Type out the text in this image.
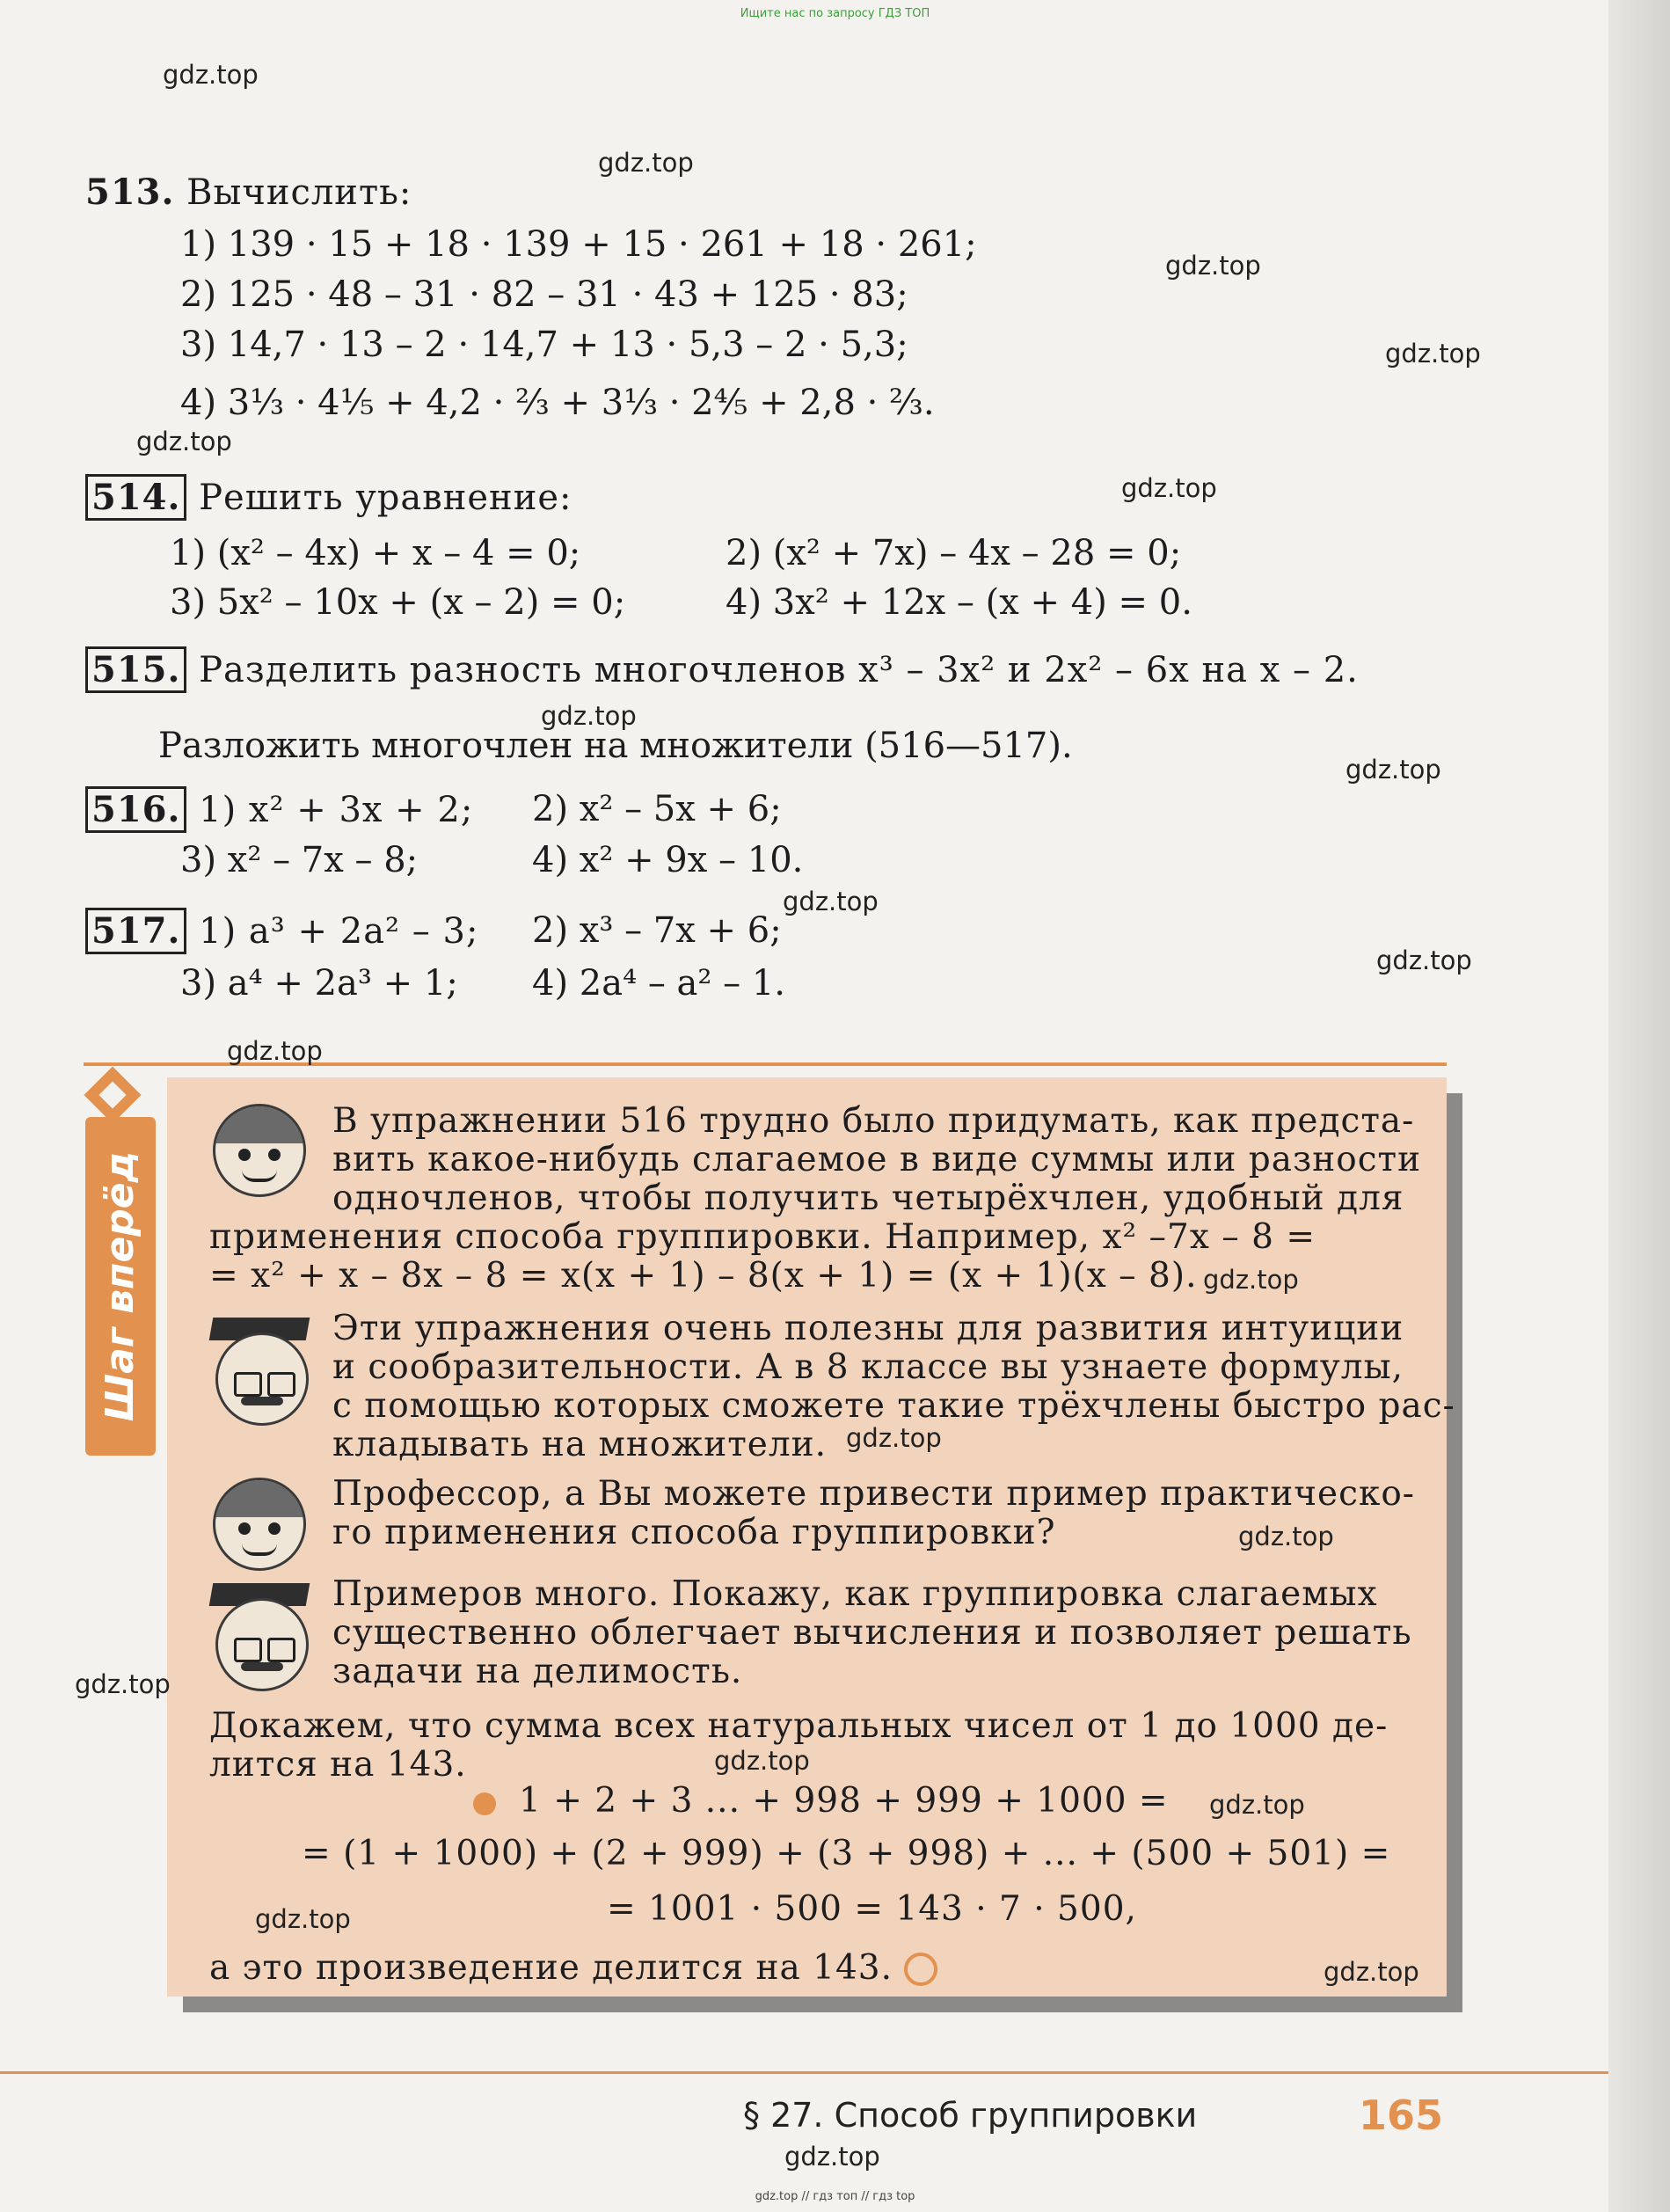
Ищите нас по запросу ГДЗ ТОП
513. Вычислить:
1) 139 · 15 + 18 · 139 + 15 · 261 + 18 · 261;
2) 125 · 48 – 31 · 82 – 31 · 43 + 125 · 83;
3) 14,7 · 13 – 2 · 14,7 + 13 · 5,3 – 2 · 5,3;
4) 3⅓ · 4⅕ + 4,2 · ⅔ + 3⅓ · 2⅘ + 2,8 · ⅔.
514. Решить уравнение:
1) (x² – 4x) + x – 4 = 0;	2) (x² + 7x) – 4x – 28 = 0;
3) 5x² – 10x + (x – 2) = 0;	4) 3x² + 12x – (x + 4) = 0.
515. Разделить разность многочленов x³ – 3x² и 2x² – 6x на x – 2.
Разложить многочлен на множители (516—517).
516. 1) x² + 3x + 2; 2) x² – 5x + 6;
3) x² – 7x – 8;	4) x² + 9x – 10.
517. 1) a³ + 2a² – 3; 2) x³ – 7x + 6;
3) a⁴ + 2a³ + 1; 4) 2a⁴ – a² – 1.
Шаг вперёд
В упражнении 516 трудно было придумать, как предста-
вить какое-нибудь слагаемое в виде суммы или разности
одночленов, чтобы получить четырёхчлен, удобный для
применения способа группировки. Например, x² –7x – 8 =
= x² + x – 8x – 8 = x(x + 1) – 8(x + 1) = (x + 1)(x – 8).
Эти упражнения очень полезны для развития интуиции
и сообразительности. А в 8 классе вы узнаете формулы,
с помощью которых сможете такие трёхчлены быстро рас-
кладывать на множители.
Профессор, а Вы можете привести пример практическо-
го применения способа группировки?
Примеров много. Покажу, как группировка слагаемых
существенно облегчает вычисления и позволяет решать
задачи на делимость.
Докажем, что сумма всех натуральных чисел от 1 до 1000 де-
лится на 143.
1 + 2 + 3 ... + 998 + 999 + 1000 =
= (1 + 1000) + (2 + 999) + (3 + 998) + ... + (500 + 501) =
= 1001 · 500 = 143 · 7 · 500,
а это произведение делится на 143.
§ 27. Способ группировки	165
gdz.top // гдз топ // гдз top
gdz.top
gdz.top
gdz.top
gdz.top
gdz.top
gdz.top
gdz.top
gdz.top
gdz.top
gdz.top
gdz.top
gdz.top
gdz.top
gdz.top
gdz.top
gdz.top
gdz.top
gdz.top
gdz.top
gdz.top
